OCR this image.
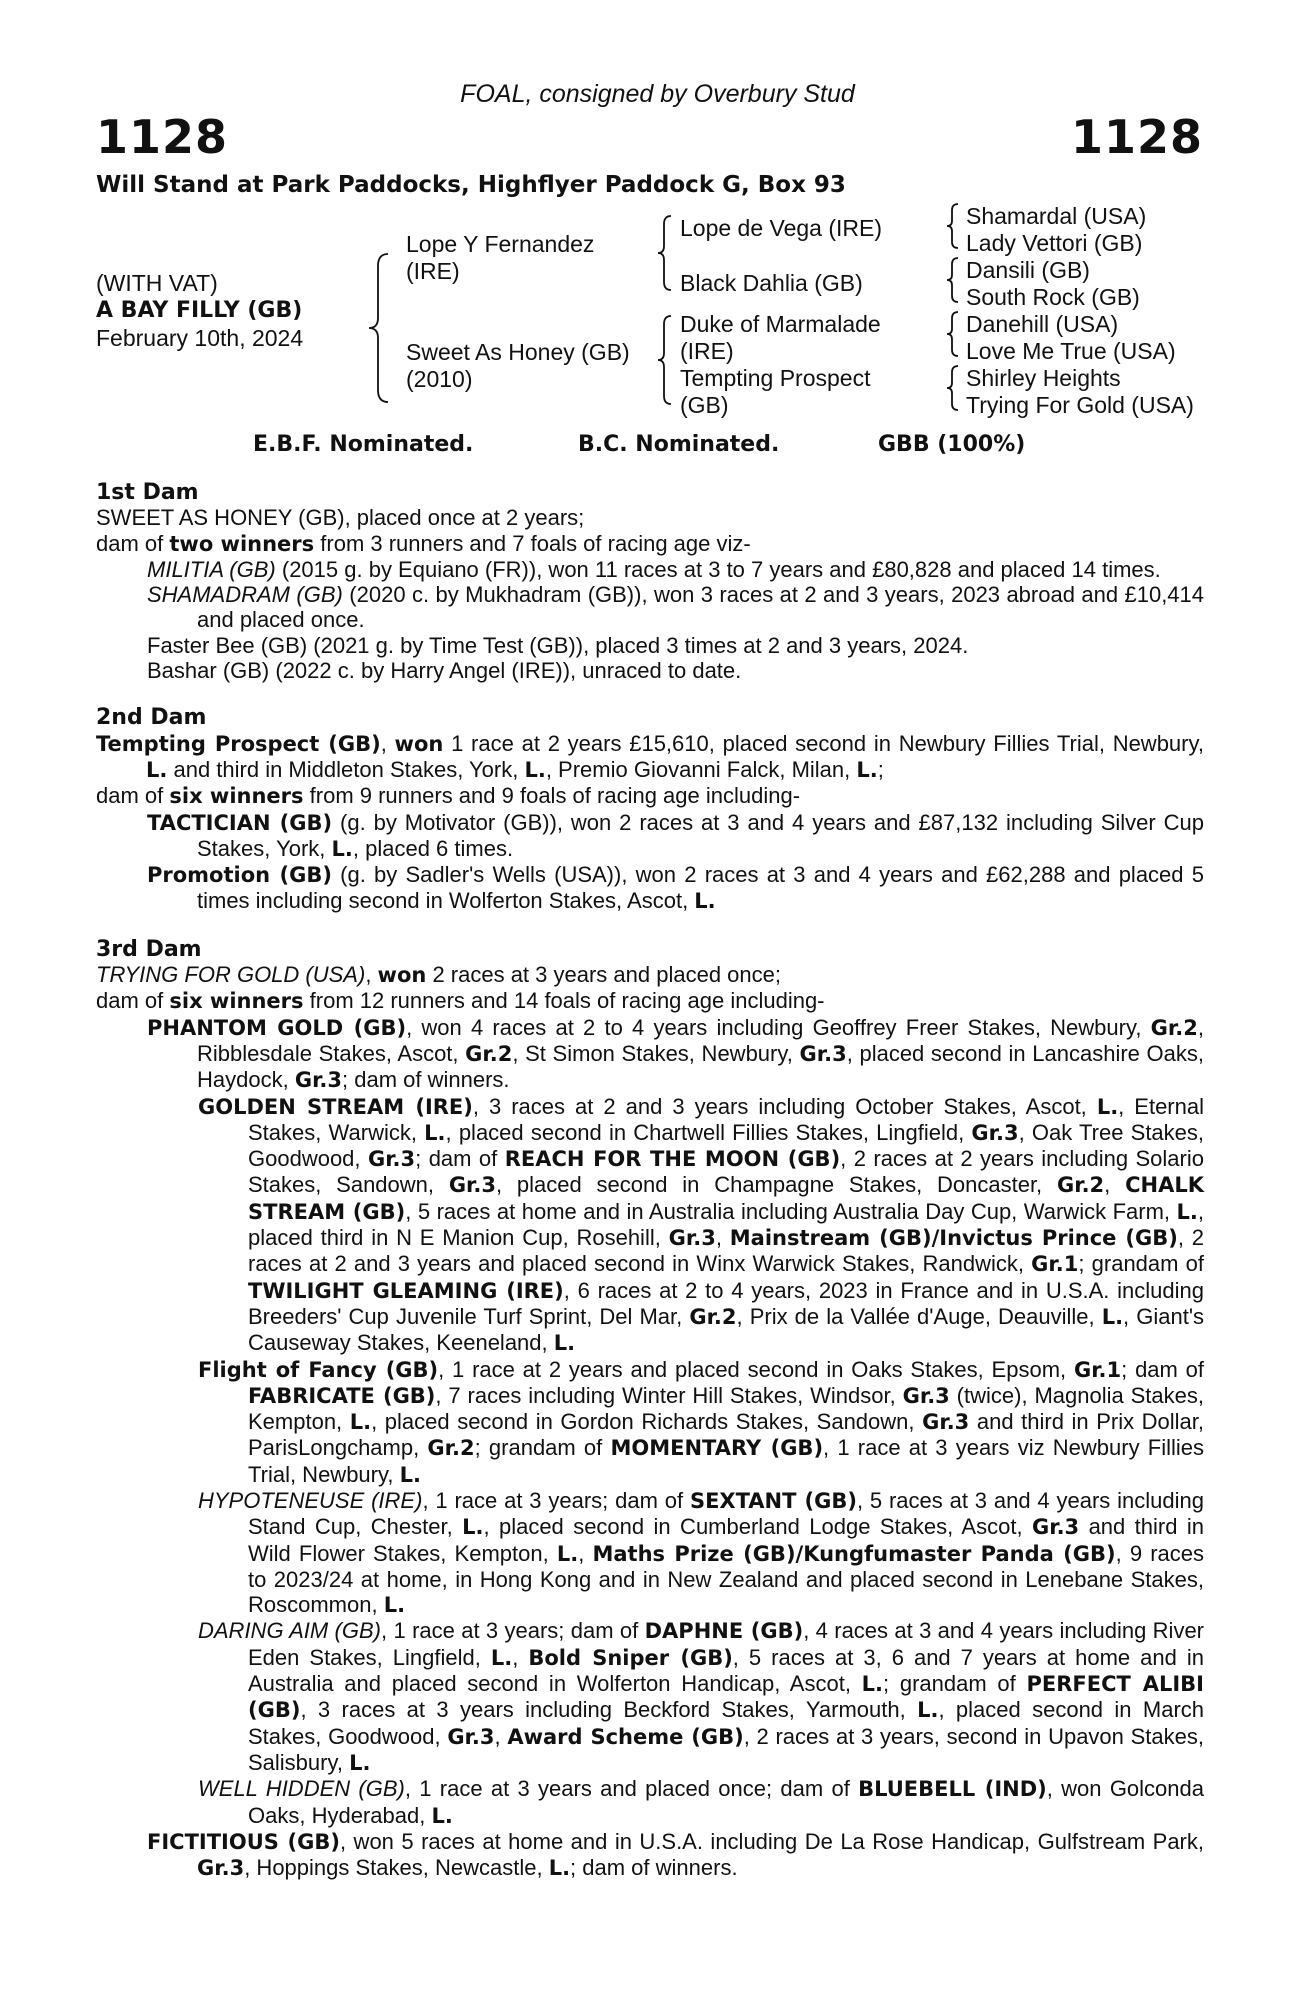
FOAL, consigned by Overbury Stud
1128	1128
Will Stand at Park Paddocks, Highflyer Paddock G, Box 93
(WITH VAT)
A BAY FILLY (GB)
February 10th, 2024
Lope Y Fernandez
(IRE)
Sweet As Honey (GB)
(2010)
Lope de Vega (IRE)
Black Dahlia (GB)
Duke of Marmalade
(IRE)
Tempting Prospect
(GB)
Shamardal (USA)
Lady Vettori (GB)
Dansili (GB)
South Rock (GB)
Danehill (USA)
Love Me True (USA)
Shirley Heights
Trying For Gold (USA)
E.B.F. Nominated.	B.C. Nominated.	GBB (100%)
1st Dam
SWEET AS HONEY (GB), placed once at 2 years;
dam of two winners from 3 runners and 7 foals of racing age viz-
MILITIA (GB) (2015 g. by Equiano (FR)), won 11 races at 3 to 7 years and £80,828 and placed 14 times.
SHAMADRAM (GB) (2020 c. by Mukhadram (GB)), won 3 races at 2 and 3 years, 2023 abroad and £10,414 and placed once.
Faster Bee (GB) (2021 g. by Time Test (GB)), placed 3 times at 2 and 3 years, 2024.
Bashar (GB) (2022 c. by Harry Angel (IRE)), unraced to date.
2nd Dam
Tempting Prospect (GB), won 1 race at 2 years £15,610, placed second in Newbury Fillies Trial, Newbury, L. and third in Middleton Stakes, York, L., Premio Giovanni Falck, Milan, L.;
dam of six winners from 9 runners and 9 foals of racing age including-
TACTICIAN (GB) (g. by Motivator (GB)), won 2 races at 3 and 4 years and £87,132 including Silver Cup Stakes, York, L., placed 6 times.
Promotion (GB) (g. by Sadler's Wells (USA)), won 2 races at 3 and 4 years and £62,288 and placed 5 times including second in Wolferton Stakes, Ascot, L.
3rd Dam
TRYING FOR GOLD (USA), won 2 races at 3 years and placed once;
dam of six winners from 12 runners and 14 foals of racing age including-
PHANTOM GOLD (GB), won 4 races at 2 to 4 years including Geoffrey Freer Stakes, Newbury, Gr.2, Ribblesdale Stakes, Ascot, Gr.2, St Simon Stakes, Newbury, Gr.3, placed second in Lancashire Oaks, Haydock, Gr.3; dam of winners.
GOLDEN STREAM (IRE), 3 races at 2 and 3 years including October Stakes, Ascot, L., Eternal Stakes, Warwick, L., placed second in Chartwell Fillies Stakes, Lingfield, Gr.3, Oak Tree Stakes, Goodwood, Gr.3; dam of REACH FOR THE MOON (GB), 2 races at 2 years including Solario Stakes, Sandown, Gr.3, placed second in Champagne Stakes, Doncaster, Gr.2, CHALK STREAM (GB), 5 races at home and in Australia including Australia Day Cup, Warwick Farm, L., placed third in N E Manion Cup, Rosehill, Gr.3, Mainstream (GB)/Invictus Prince (GB), 2 races at 2 and 3 years and placed second in Winx Warwick Stakes, Randwick, Gr.1; grandam of TWILIGHT GLEAMING (IRE), 6 races at 2 to 4 years, 2023 in France and in U.S.A. including Breeders' Cup Juvenile Turf Sprint, Del Mar, Gr.2, Prix de la Vallée d'Auge, Deauville, L., Giant's Causeway Stakes, Keeneland, L.
Flight of Fancy (GB), 1 race at 2 years and placed second in Oaks Stakes, Epsom, Gr.1; dam of FABRICATE (GB), 7 races including Winter Hill Stakes, Windsor, Gr.3 (twice), Magnolia Stakes, Kempton, L., placed second in Gordon Richards Stakes, Sandown, Gr.3 and third in Prix Dollar, ParisLongchamp, Gr.2; grandam of MOMENTARY (GB), 1 race at 3 years viz Newbury Fillies Trial, Newbury, L.
HYPOTENEUSE (IRE), 1 race at 3 years; dam of SEXTANT (GB), 5 races at 3 and 4 years including Stand Cup, Chester, L., placed second in Cumberland Lodge Stakes, Ascot, Gr.3 and third in Wild Flower Stakes, Kempton, L., Maths Prize (GB)/Kungfumaster Panda (GB), 9 races to 2023/24 at home, in Hong Kong and in New Zealand and placed second in Lenebane Stakes, Roscommon, L.
DARING AIM (GB), 1 race at 3 years; dam of DAPHNE (GB), 4 races at 3 and 4 years including River Eden Stakes, Lingfield, L., Bold Sniper (GB), 5 races at 3, 6 and 7 years at home and in Australia and placed second in Wolferton Handicap, Ascot, L.; grandam of PERFECT ALIBI (GB), 3 races at 3 years including Beckford Stakes, Yarmouth, L., placed second in March Stakes, Goodwood, Gr.3, Award Scheme (GB), 2 races at 3 years, second in Upavon Stakes, Salisbury, L.
WELL HIDDEN (GB), 1 race at 3 years and placed once; dam of BLUEBELL (IND), won Golconda Oaks, Hyderabad, L.
FICTITIOUS (GB), won 5 races at home and in U.S.A. including De La Rose Handicap, Gulfstream Park, Gr.3, Hoppings Stakes, Newcastle, L.; dam of winners.
